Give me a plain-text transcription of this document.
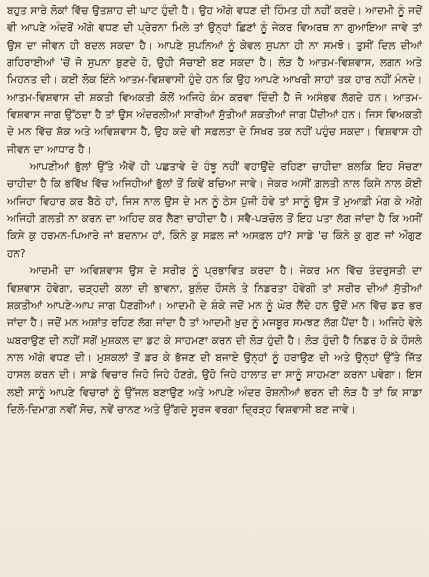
ਬਹੁਤ ਸਾਰੇ ਲੋਕਾਂ ਵਿੱਚ ਉਤਸ਼ਾਹ ਦੀ ਘਾਟ ਹੁੰਦੀ ਹੈ। ਉਹ ਅੱਗੇ ਵਧਣ ਦੀ ਹਿੰਮਤ ਹੀ ਨਹੀਂ ਕਰਦੇ। ਆਦਮੀ ਨੂੰ ਜਦੋਂ ਵੀ ਆਪਣੇ ਅੰਦਰੋਂ ਅੱਗੇ ਵਧਣ ਦੀ ਪ੍ਰੇਰਨਾ ਮਿਲੇ ਤਾਂ ਉਨ੍ਹਾਂ ਛਿਣਾਂ ਨੂੰ ਜੇਕਰ ਵਿਅਰਥ ਨਾ ਗੁਆਇਆ ਜਾਵੇ ਤਾਂ ਉਸ ਦਾ ਜੀਵਨ ਹੀ ਬਦਲ ਸਕਦਾ ਹੈ। ਆਪਣੇ ਸੁਪਨਿਆਂ ਨੂੰ ਕੇਵਲ ਸੁਪਨਾ ਹੀ ਨਾ ਸਮਝੋ। ਤੁਸੀਂ ਦਿਲ ਦੀਆਂ ਗਹਿਰਾਈਆਂ 'ਚੋਂ ਜੋ ਸੁਪਨਾ ਬੁਣਦੇ ਹੋ, ਉਹੀ ਸੱਚਾਈ ਬਣ ਸਕਦਾ ਹੈ। ਲੋੜ ਹੈ ਆਤਮ-ਵਿਸ਼ਵਾਸ, ਲਗਨ ਅਤੇ ਮਿਹਨਤ ਦੀ। ਕਈ ਲੋਕ ਇੰਨੇ ਆਤਮ-ਵਿਸ਼ਵਾਸੀ ਹੁੰਦੇ ਹਨ ਕਿ ਉਹ ਆਪਣੇ ਆਖਰੀ ਸਾਹਾਂ ਤਕ ਹਾਰ ਨਹੀਂ ਮੰਨਦੇ। ਆਤਮ-ਵਿਸ਼ਵਾਸ ਦੀ ਸ਼ਕਤੀ ਵਿਅਕਤੀ ਕੋਲੋਂ ਅਜਿਹੇ ਕੰਮ ਕਰਵਾ ਦਿੰਦੀ ਹੈ ਜੋ ਅਸੰਭਵ ਲੱਗਦੇ ਹਨ। ਆਤਮ-ਵਿਸ਼ਵਾਸ ਜਾਗ ਉੱਠਦਾ ਹੈ ਤਾਂ ਉਸ ਅੰਦਰਲੀਆਂ ਸਾਰੀਆਂ ਸੁੱਤੀਆਂ ਸ਼ਕਤੀਆਂ ਜਾਗ ਪੈਂਦੀਆਂ ਹਨ। ਜਿਸ ਵਿਅਕਤੀ ਦੇ ਮਨ ਵਿੱਚ ਸ਼ੱਕ ਅਤੇ ਅਵਿਸ਼ਵਾਸ ਹੈ, ਉਹ ਕਦੇ ਵੀ ਸਫ਼ਲਤਾ ਦੇ ਸਿਖਰ ਤਕ ਨਹੀਂ ਪਹੁੰਚ ਸਕਦਾ। ਵਿਸ਼ਵਾਸ ਹੀ ਜੀਵਨ ਦਾ ਆਧਾਰ ਹੈ।

ਆਪਣੀਆਂ ਭੁੱਲਾਂ ਉੱਤੇ ਐਵੇਂ ਹੀ ਪਛਤਾਵੇ ਦੇ ਹੰਝੂ ਨਹੀਂ ਵਹਾਉਂਦੇ ਰਹਿਣਾ ਚਾਹੀਦਾ ਬਲਕਿ ਇਹ ਸੋਚਣਾ ਚਾਹੀਦਾ ਹੈ ਕਿ ਭਵਿੱਖ ਵਿੱਚ ਅਜਿਹੀਆਂ ਭੁੱਲਾਂ ਤੋਂ ਕਿਵੇਂ ਬਚਿਆ ਜਾਵੇ। ਜੇਕਰ ਅਸੀਂ ਗ਼ਲਤੀ ਨਾਲ ਕਿਸੇ ਨਾਲ ਕੋਈ ਅਜਿਹਾ ਵਿਹਾਰ ਕਰ ਬੈਠੇ ਹਾਂ, ਜਿਸ ਨਾਲ ਉਸ ਦੇ ਮਨ ਨੂੰ ਠੇਸ ਪੁੱਜੀ ਹੋਵੇ ਤਾਂ ਸਾਨੂੰ ਉਸ ਤੋਂ ਮੁਆਫ਼ੀ ਮੰਗ ਕੇ ਅੱਗੇ ਅਜਿਹੀ ਗ਼ਲਤੀ ਨਾ ਕਰਨ ਦਾ ਅਹਿਦ ਕਰ ਲੈਣਾ ਚਾਹੀਦਾ ਹੈ। ਸਵੈ-ਪੜਚੋਲ ਤੋਂ ਇਹ ਪਤਾ ਲੱਗ ਜਾਂਦਾ ਹੈ ਕਿ ਅਸੀਂ ਕਿਸੇ ਕੁ ਹਰਮਨ-ਪਿਆਰੇ ਜਾਂ ਬਦਨਾਮ ਹਾਂ, ਕਿੰਨੇ ਕੁ ਸਫ਼ਲ ਜਾਂ ਅਸਫ਼ਲ ਹਾਂ? ਸਾਡੇ 'ਚ ਕਿੰਨੇ ਕੁ ਗੁਣ ਜਾਂ ਔਗੁਣ ਹਨ?

ਆਦਮੀ ਦਾ ਅਵਿਸ਼ਵਾਸ ਉਸ ਦੇ ਸਰੀਰ ਨੂੰ ਪ੍ਰਭਾਵਿਤ ਕਰਦਾ ਹੈ। ਜੇਕਰ ਮਨ ਵਿੱਚ ਤੰਦਰੁਸਤੀ ਦਾ ਵਿਸ਼ਵਾਸ ਹੋਵੇਗਾ, ਚੜ੍ਹਦੀ ਕਲਾ ਦੀ ਭਾਵਨਾ, ਬੁਲੰਦ ਹੌਸਲੇ ਤੇ ਨਿਡਰਤਾ ਹੋਵੇਗੀ ਤਾਂ ਸਰੀਰ ਦੀਆਂ ਸੁੱਤੀਆਂ ਸ਼ਕਤੀਆਂ ਆਪਣੇ-ਆਪ ਜਾਗ ਪੈਣਗੀਆਂ। ਆਦਮੀ ਦੇ ਸ਼ੰਕੇ ਜਦੋਂ ਮਨ ਨੂੰ ਘੇਰ ਲੈਂਦੇ ਹਨ ਉਦੋਂ ਮਨ ਵਿੱਚ ਡਰ ਭਰ ਜਾਂਦਾ ਹੈ। ਜਦੋਂ ਮਨ ਅਸ਼ਾਂਤ ਰਹਿਣ ਲੱਗ ਜਾਂਦਾ ਹੈ ਤਾਂ ਆਦਮੀ ਖ਼ੁਦ ਨੂੰ ਮਜਬੂਰ ਸਮਝਣ ਲੱਗ ਪੈਂਦਾ ਹੈ। ਅਜਿਹੇ ਵੇਲੇ ਘਬਰਾਉਣ ਦੀ ਨਹੀਂ ਸਗੋਂ ਮੁਸ਼ਕਲ ਦਾ ਡਟ ਕੇ ਸਾਹਮਣਾ ਕਰਨ ਦੀ ਲੋੜ ਹੁੰਦੀ ਹੈ। ਲੋੜ ਹੁੰਦੀ ਹੈ ਨਿਡਰ ਹੋ ਕੇ ਹੌਸਲੇ ਨਾਲ ਅੱਗੇ ਵਧਣ ਦੀ। ਮੁਸ਼ਕਲਾਂ ਤੋਂ ਡਰ ਕੇ ਭੱਜਣ ਦੀ ਬਜਾਏ ਉਨ੍ਹਾਂ ਨੂੰ ਹਰਾਉਣ ਦੀ ਅਤੇ ਉਨ੍ਹਾਂ ਉੱਤੇ ਜਿੱਤ ਹਾਸਲ ਕਰਨ ਦੀ। ਸਾਡੇ ਵਿਚਾਰ ਜਿਹੋ ਜਿਹੇ ਹੋਣਗੇ, ਉਹੋ ਜਿਹੇ ਹਾਲਾਤ ਦਾ ਸਾਨੂੰ ਸਾਹਮਣਾ ਕਰਨਾ ਪਵੇਗਾ। ਇਸ ਲਈ ਸਾਨੂੰ ਆਪਣੇ ਵਿਚਾਰਾਂ ਨੂੰ ਉੱਜਲ ਬਣਾਉਣ ਅਤੇ ਆਪਣੇ ਅੰਦਰ ਰੋਸ਼ਨੀਆਂ ਭਰਨ ਦੀ ਲੋੜ ਹੈ ਤਾਂ ਕਿ ਸਾਡਾ ਦਿਲੋ-ਦਿਮਾਗ਼ ਨਵੀਂ ਸੋਚ, ਨਵੇਂ ਚਾਨਣ ਅਤੇ ਉੱਗਦੇ ਸੂਰਜ ਵਰਗਾ ਦ੍ਰਿੜ੍ਹ ਵਿਸ਼ਵਾਸੀ ਬਣ ਜਾਵੇ।
